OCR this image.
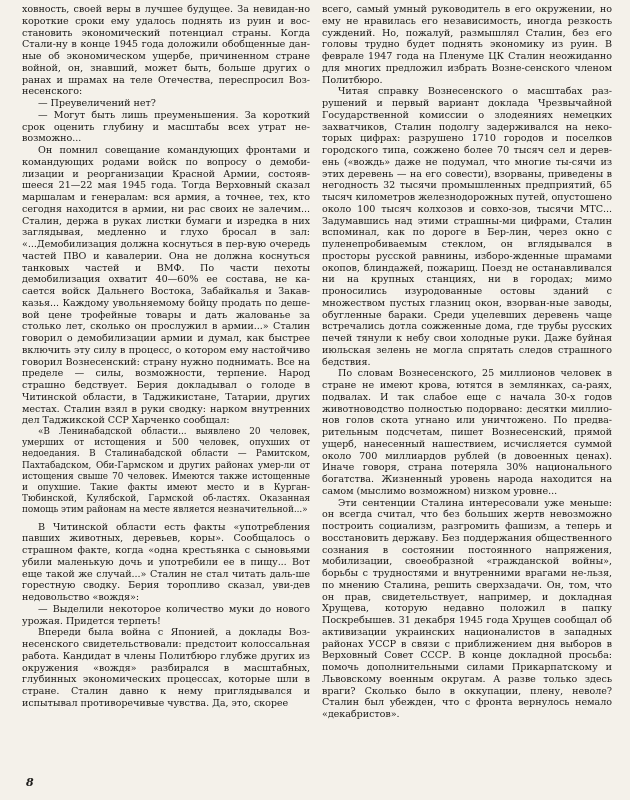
ховность, своей веры в лучшее будущее. За невидан-но короткие сроки ему удалось поднять из руин и вос-становить экономический потенциал страны. Когда Стали-ну в конце 1945 года доложили обобщенные дан-ные об экономическом ущербе, причиненном стране войной, он, знавший, может быть, больше других о ранах и шрамах на теле Отечества, переспросил Воз-несенского:

— Преувеличений нет?

— Могут быть лишь преуменьшения. За короткий срок оценить глубину и масштабы всех утрат не-возможно...

Он помнил совещание командующих фронтами и командующих родами войск по вопросу о демоби-лизации и реорганизации Красной Армии, состояв-шееся 21—22 мая 1945 года. Тогда Верховный сказал маршалам и генералам: вся армия, а точнее, тех, кто сегодня находится в армии, ни рас своих не залечим... Сталин, держа в руках листки бумаги и изредка в них заглядывая, медленно и глухо бросал в зал: «...Демобилизация должна коснуться в пер-вую очередь частей ПВО и кавалерии. Она не должна коснуться танковых частей и ВМФ. По части пехоты демобилизация охватит 40—60% ее состава, не ка-сается войск Дальнего Востока, Забайкалья и Закав-казья... Каждому увольняемому бойцу продать по деше-вой цене трофейные товары и дать жалованье за столько лет, сколько он прослужил в армии...» Сталин говорил о демобилизации армии и думал, как быстрее включить эту силу в процесс, о котором ему настойчиво говорил Вознесенский: страну нужно поднимать. Все на пределе — силы, возможности, терпение. Народ страшно бедствует. Берия докладывал о голоде в Читинской области, в Таджикистане, Татарии, других местах. Сталин взял в руки сводку: нарком внутренних дел Таджикской ССР Харченко сообщал:

«В Ленинабадской области... выявлено 20 человек, умерших от истощения и 500 человек, опухших от недоедания. В Сталинабадской области — Рамитском, Пахтабадском, Оби-Гармском и других районах умер-ли от истощения свыше 70 человек. Имеются также истощенные и опухшие. Такие факты имеют место и в Курган-Тюбинской, Кулябской, Гармской об-ластях. Оказанная помощь этим районам на месте является незначительной...»

В Читинской области есть факты «употребления павших животных, деревьев, коры». Сообщалось о страшном факте, когда «одна крестьянка с сыновьями убили маленькую дочь и употребили ее в пищу... Вот еще такой же случай...» Сталин не стал читать даль-ше горестную сводку. Берия торопливо сказал, уви-дев недовольство «вождя»:

— Выделили некоторое количество муки до нового урожая. Придется терпеть!

Впереди была война с Японией, а доклады Воз-несенского свидетельствовали: предстоит колоссальная работа. Кандидат в члены Политбюро глубже других из окружения «вождя» разбирался в масштабных, глубинных экономических процессах, которые шли в стране. Сталин давно к нему приглядывался и испытывал противоречивые чувства. Да, это, скорее

всего, самый умный руководитель в его окружении, но ему не нравилась его независимость, иногда резкость суждений. Но, пожалуй, размышлял Сталин, без его головы трудно будет поднять экономику из руин. В феврале 1947 года на Пленуме ЦК Сталин неожиданно для многих предложил избрать Возне-сенского членом Политбюро.

Читая справку Вознесенского о масштабах раз-рушений и первый вариант доклада Чрезвычайной Государственной комиссии о злодеяниях немецких захватчиков, Сталин подолгу задерживался на неко-торых цифрах: разрушено 1710 городов и поселков городского типа, сожжено более 70 тысяч сел и дерев-ень («вождь» даже не подумал, что многие ты-сячи из этих деревень — на его совести), взорваны, приведены в негодность 32 тысячи промышленных предприятий, 65 тысяч километров железнодорожных путей, опустошено около 100 тысяч колхозов и совхо-зов, тысячи МТС... Задумавшись над этими страшны-ми цифрами, Сталин вспоминал, как по дороге в Бер-лин, через окно с пуленепробиваемым стеклом, он вглядывался в просторы русской равнины, изборо-жденные шрамами окопов, блиндажей, пожарищ. Поезд не останавливался ни на крупных станциях, ни в городах; мимо проносились изуродованные остовы зданий с множеством пустых глазниц окон, взорван-ные заводы, обугленные бараки. Среди уцелевших деревень чаще встречались дотла сожженные дома, где трубы русских печей тянули к небу свои холодные руки. Даже буйная июльская зелень не могла спрятать следов страшного бедствия.

По словам Вознесенского, 25 миллионов человек в стране не имеют крова, ютятся в землянках, са-раях, подвалах. И так слабое еще с начала 30-х годов животноводство полностью подорвано: десятки миллио-нов голов скота угнано или уничтожено. По предва-рительным подсчетам, пишет Вознесенский, прямой ущерб, нанесенный нашествием, исчисляется суммой около 700 миллиардов рублей (в довоенных ценах). Иначе говоря, страна потеряла 30% национального богатства. Жизненный уровень народа находится на самом (мыслимо возможном) низком уровне...

Эти сентенции Сталина интересовали уже меньше: он всегда считал, что без больших жертв невозможно построить социализм, разгромить фашизм, а теперь и восстановить державу. Без поддержания общественного сознания в состоянии постоянного напряжения, мобилизации, своеобразной «гражданской войны», борьбы с трудностями и внутренними врагами не-льзя, по мнению Сталина, решить сверхзадачи. Он, том, что он прав, свидетельствует, например, и докладная Хрущева, которую недавно положил в папку Поскребышев. 31 декабря 1945 года Хрущев сообщал об активизации украинских националистов в западных районах УССР в связи с приближением дня выборов в Верховный Совет СССР. В конце докладной просьба: помочь дополнительными силами Прикарпатскому и Львовскому военным округам. А разве только здесь враги? Сколько было в оккупации, плену, неволе? Сталин был убежден, что с фронта вернулось немало «декабристов».

8
